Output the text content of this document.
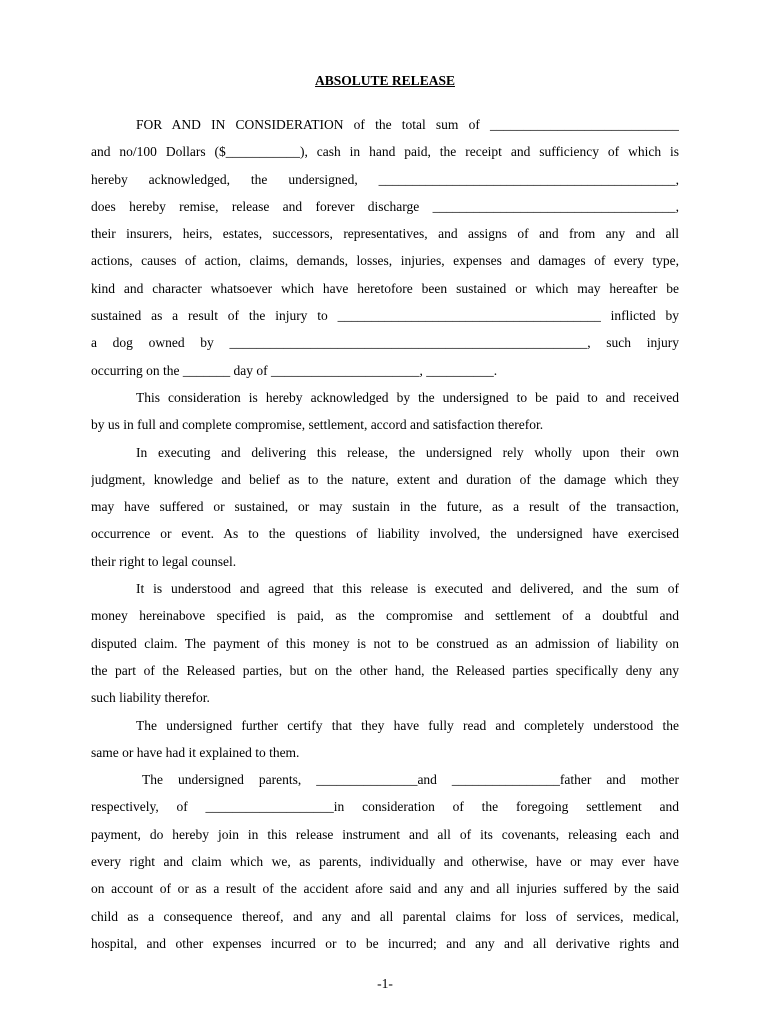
ABSOLUTE RELEASE
FOR AND IN CONSIDERATION of the total sum of ____________________________
and no/100 Dollars ($___________), cash in hand paid, the receipt and sufficiency of which is
hereby acknowledged, the undersigned, ____________________________________________,
does hereby remise, release and forever discharge ____________________________________,
their insurers, heirs, estates, successors, representatives, and assigns of and from any and all
actions, causes of action, claims, demands, losses, injuries, expenses and damages of every type,
kind and character whatsoever which have heretofore been sustained or which may hereafter be
sustained as a result of the injury to _______________________________________ inflicted by
a dog owned by _____________________________________________________, such injury
occurring on the _______ day of ______________________, __________.
This consideration is hereby acknowledged by the undersigned to be paid to and received
by us in full and complete compromise, settlement, accord and satisfaction therefor.
In executing and delivering this release, the undersigned rely wholly upon their own
judgment, knowledge and belief as to the nature, extent and duration of the damage which they
may have suffered or sustained, or may sustain in the future, as a result of the transaction,
occurrence or event. As to the questions of liability involved, the undersigned have exercised
their right to legal counsel.
It is understood and agreed that this release is executed and delivered, and the sum of
money hereinabove specified is paid, as the compromise and settlement of a doubtful and
disputed claim. The payment of this money is not to be construed as an admission of liability on
the part of the Released parties, but on the other hand, the Released parties specifically deny any
such liability therefor.
The undersigned further certify that they have fully read and completely understood the
same or have had it explained to them.
The undersigned parents, _______________and ________________father and mother
respectively, of ___________________in consideration of the foregoing settlement and
payment, do hereby join in this release instrument and all of its covenants, releasing each and
every right and claim which we, as parents, individually and otherwise, have or may ever have
on account of or as a result of the accident afore said and any and all injuries suffered by the said
child as a consequence thereof, and any and all parental claims for loss of services, medical,
hospital, and other expenses incurred or to be incurred; and any and all derivative rights and
-1-
